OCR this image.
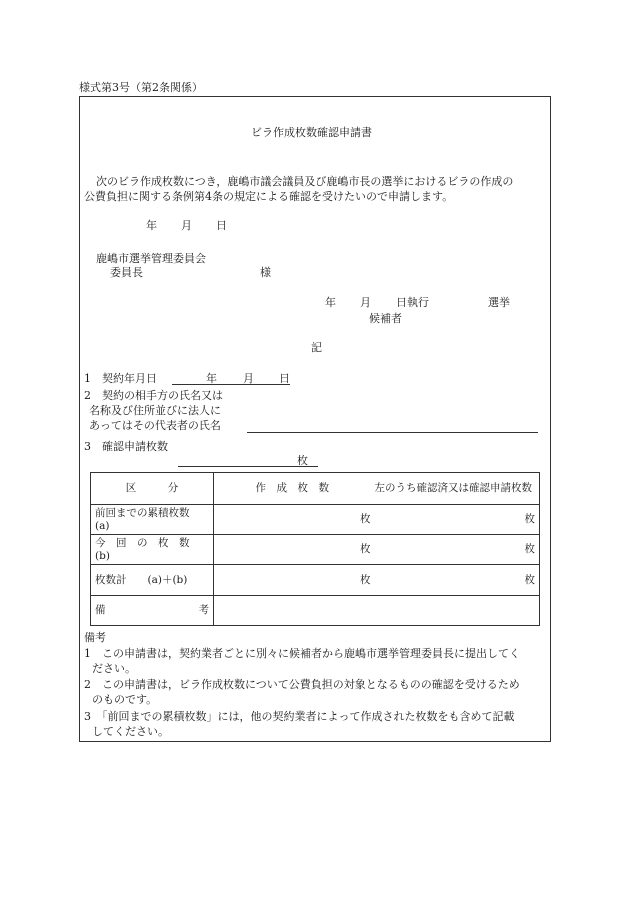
様式第3号（第2条関係）
ビラ作成枚数確認申請書
次のビラ作成枚数につき，鹿嶋市議会議員及び鹿嶋市長の選挙におけるビラの作成の
公費負担に関する条例第4条の規定による確認を受けたいので申請します。
年 月 日
鹿嶋市選挙管理委員会
委員長	様
年 月 日執行	選挙
候補者
記
1　契約年月日	年 月 日
2　契約の相手方の氏名又は
名称及び住所並びに法人に
あってはその代表者の氏名
3　確認申請枚数
枚
区　　　分	作　成　枚　数	左のうち確認済又は確認申請枚数

前回までの累積枚数
(a)	枚	枚

今　回　の　枚　数
(b)	枚	枚
枚数計　　(a)＋(b)	枚	枚
備 考		

備考
1　この申請書は，契約業者ごとに別々に候補者から鹿嶋市選挙管理委員長に提出してく
ださい。
2　この申請書は，ビラ作成枚数について公費負担の対象となるものの確認を受けるため
のものです。
3　「前回までの累積枚数」には，他の契約業者によって作成された枚数をも含めて記載
してください。
